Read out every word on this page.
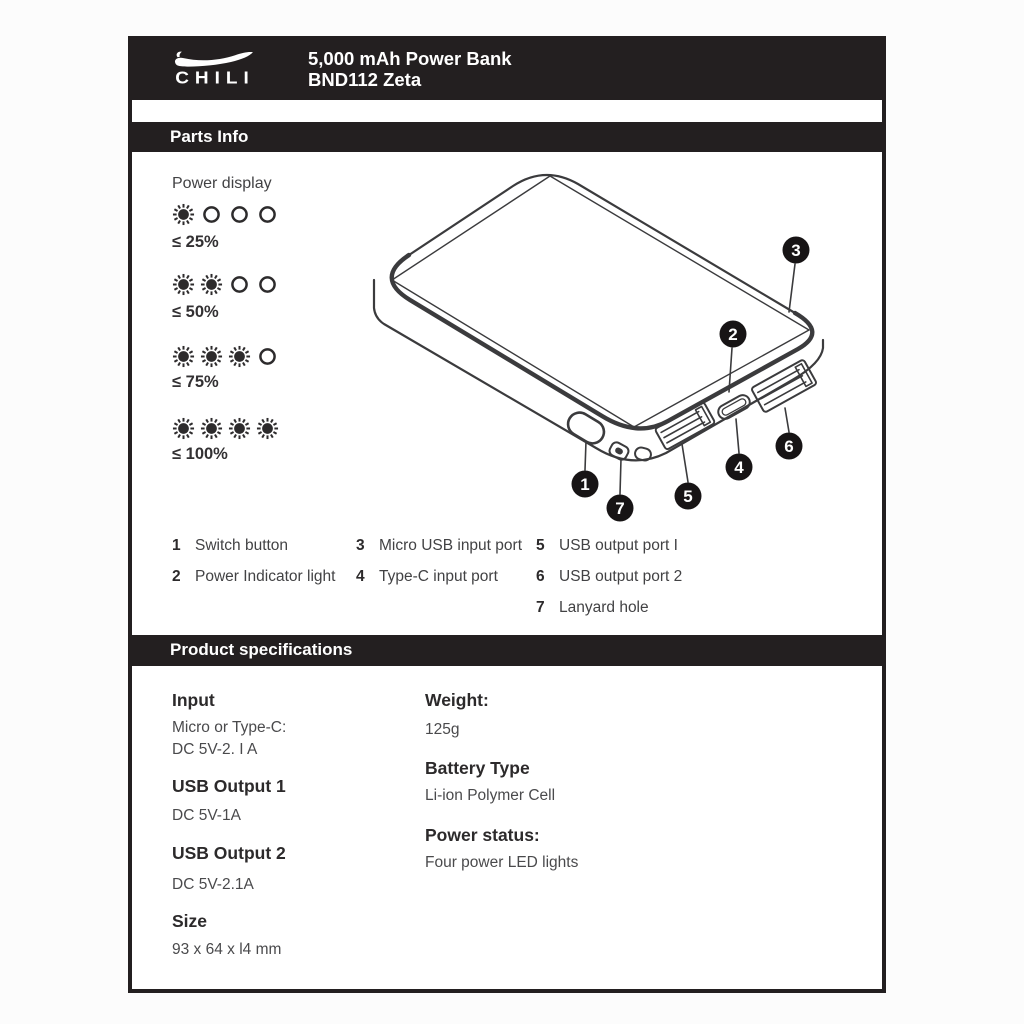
CHILI
5,000 mAh Power Bank
BND112 Zeta
Parts Info
Power display
≤ 25%
≤ 50%
≤ 75%
≤ 100%
1
2
3
4
5
6
7
1 Switch button
2 Power Indicator light
3 Micro USB input port
4 Type-C input port
5 USB output port I
6 USB output port 2
7 Lanyard hole
Product specifications
Input
Micro or Type-C:
DC 5V-2. I A
USB Output 1
DC 5V-1A
USB Output 2
DC 5V-2.1A
Size
93 x 64 x l4 mm
Weight:
125g
Battery Type
Li-ion Polymer Cell
Power status:
Four power LED lights
